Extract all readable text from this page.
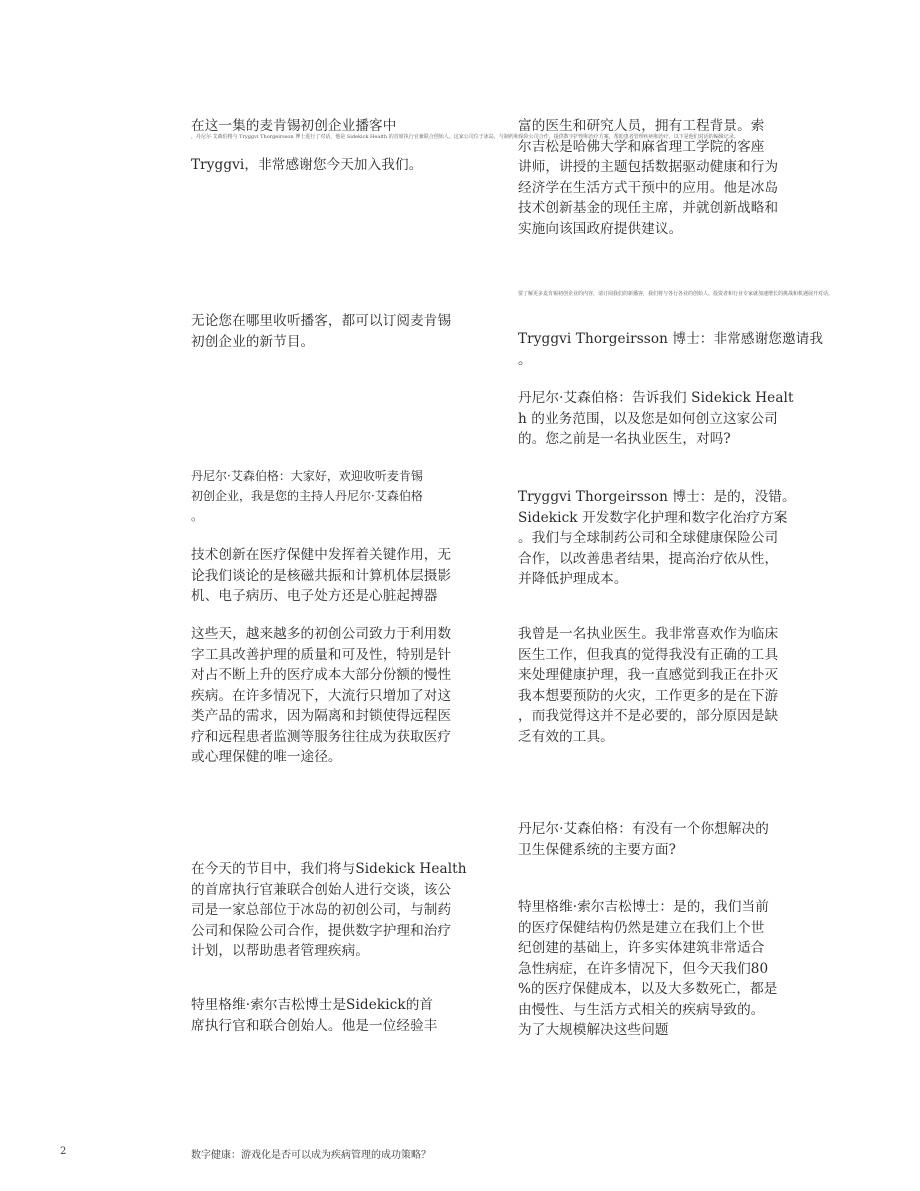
在这一集的麦肯锡初创企业播客中
，丹尼尔·艾森伯格与 Tryggvi Thorgeirsson 博士进行了对话，他是 Sidekick Health 的首席执行官兼联合创始人。这家公司位于冰岛，与制药和保险公司合作，提供数字护理和治疗方案，帮助患者管理疾病和治疗。以下是他们对话的编辑记录。
Tryggvi，非常感谢您今天加入我们。
无论您在哪里收听播客，都可以订阅麦肯锡
初创企业的新节目。
丹尼尔·艾森伯格：大家好，欢迎收听麦肯锡
初创企业，我是您的主持人丹尼尔·艾森伯格
。
技术创新在医疗保健中发挥着关键作用，无
论我们谈论的是核磁共振和计算机体层摄影
机、电子病历、电子处方还是心脏起搏器
这些天，越来越多的初创公司致力于利用数
字工具改善护理的质量和可及性，特别是针
对占不断上升的医疗成本大部分份额的慢性
疾病。在许多情况下，大流行只增加了对这
类产品的需求，因为隔离和封锁使得远程医
疗和远程患者监测等服务往往成为获取医疗
或心理保健的唯一途径。
在今天的节目中，我们将与Sidekick Health
的首席执行官兼联合创始人进行交谈，该公
司是一家总部位于冰岛的初创公司，与制药
公司和保险公司合作，提供数字护理和治疗
计划，以帮助患者管理疾病。
特里格维·索尔吉松博士是Sidekick的首
席执行官和联合创始人。他是一位经验丰
富的医生和研究人员，拥有工程背景。索
尔吉松是哈佛大学和麻省理工学院的客座
讲师，讲授的主题包括数据驱动健康和行为
经济学在生活方式干预中的应用。他是冰岛
技术创新基金的现任主席，并就创新战略和
实施向该国政府提供建议。
要了解更多麦肯锡初创企业的内容，请订阅我们的新播客，我们将与各行各业的创始人、投资者和行业专家就加速增长的挑战和机遇展开对话。
Tryggvi Thorgeirsson 博士：非常感谢您邀请我
。
丹尼尔·艾森伯格：告诉我们 Sidekick Healt
h 的业务范围，以及您是如何创立这家公司
的。您之前是一名执业医生，对吗?
Tryggvi Thorgeirsson 博士：是的，没错。
Sidekick 开发数字化护理和数字化治疗方案
。我们与全球制药公司和全球健康保险公司
合作，以改善患者结果，提高治疗依从性，
并降低护理成本。
我曾是一名执业医生。我非常喜欢作为临床
医生工作，但我真的觉得我没有正确的工具
来处理健康护理，我一直感觉到我正在扑灭
我本想要预防的火灾，工作更多的是在下游
，而我觉得这并不是必要的，部分原因是缺
乏有效的工具。
丹尼尔·艾森伯格：有没有一个你想解决的
卫生保健系统的主要方面?
特里格维·索尔吉松博士：是的，我们当前
的医疗保健结构仍然是建立在我们上个世
纪创建的基础上，许多实体建筑非常适合
急性病症，在许多情况下，但今天我们80
%的医疗保健成本，以及大多数死亡，都是
由慢性、与生活方式相关的疾病导致的。
为了大规模解决这些问题
2	数字健康：游戏化是否可以成为疾病管理的成功策略？
